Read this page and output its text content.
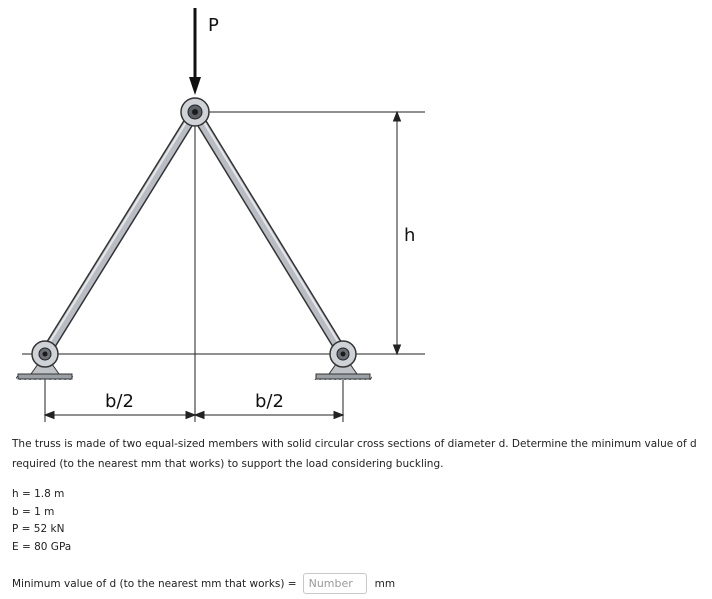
h
b/2	b/2
P

The truss is made of two equal-sized members with solid circular cross sections of diameter d. Determine the minimum value of d required (to the nearest mm that works) to support the load considering buckling.

h = 1.8 m
b = 1 m
P = 52 kN
E = 80 GPa
Minimum value of d (to the nearest mm that works) =
Number	mm
